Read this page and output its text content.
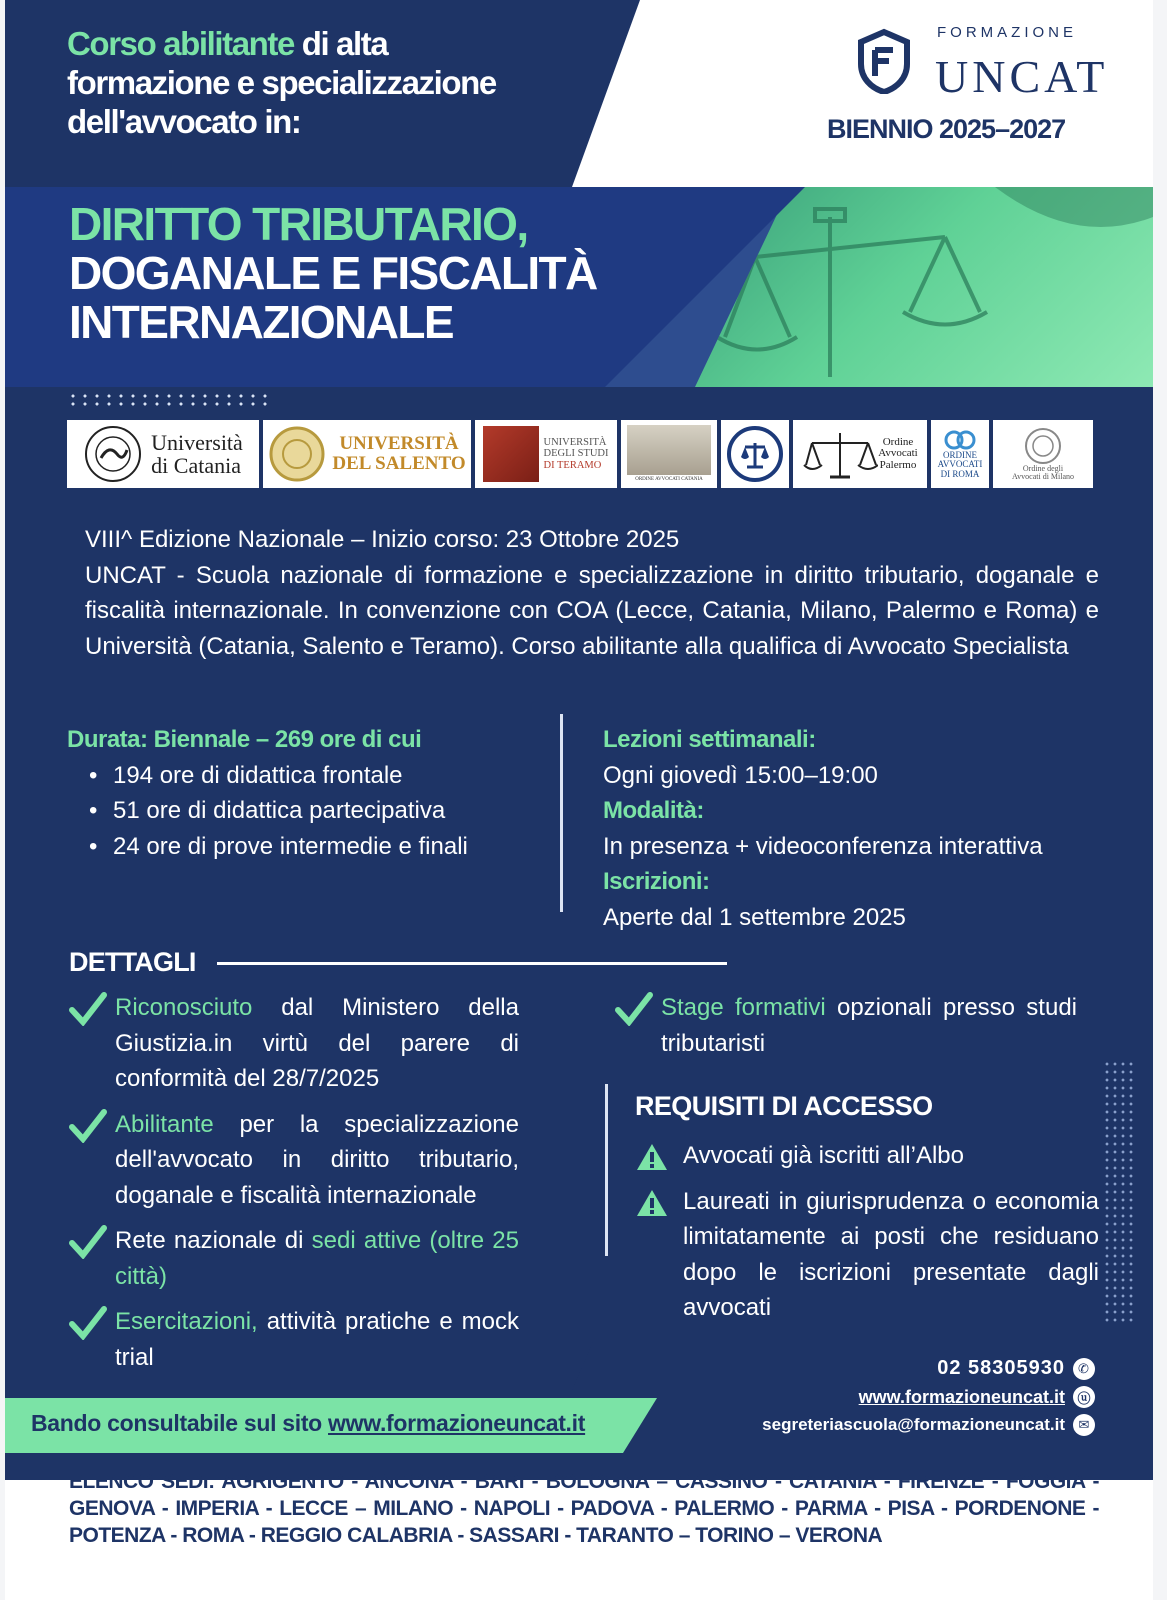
Corso abilitante di alta
formazione e specializzazione
dell'avvocato in:
FORMAZIONE
UNCAT
BIENNIO 2025–2027
DIRITTO TRIBUTARIO,
DOGANALE E FISCALITÀ
INTERNAZIONALE
Università
di Catania
UNIVERSITÀ
DEL SALENTO
UNIVERSITÀ
DEGLI STUDI
DI TERAMO
ORDINE AVVOCATI CATANIA
Ordine
Avvocati
Palermo
ORDINE
AVVOCATI
DI ROMA
Ordine degli
Avvocati di Milano
VIII^ Edizione Nazionale – Inizio corso: 23 Ottobre 2025
UNCAT - Scuola nazionale di formazione e specializzazione in diritto tributario, doganale e fiscalità internazionale. In convenzione con COA (Lecce, Catania, Milano, Palermo e Roma) e Università (Catania, Salento e Teramo). Corso abilitante alla qualifica di Avvocato Specialista
Durata: Biennale – 269 ore di cui
• 194 ore di didattica frontale
• 51 ore di didattica partecipativa
• 24 ore di prove intermedie e finali
Lezioni settimanali:
Ogni giovedì 15:00–19:00
Modalità:
In presenza + videoconferenza interattiva
Iscrizioni:
Aperte dal 1 settembre 2025
DETTAGLI
Riconosciuto dal Ministero della Giustizia.in virtù del parere di conformità del 28/7/2025
Abilitante per la specializzazione dell'avvocato in diritto tributario, doganale e fiscalità internazionale
Rete nazionale di sedi attive (oltre 25 città)
Esercitazioni, attività pratiche e mock trial
Stage formativi opzionali presso studi tributaristi
REQUISITI DI ACCESSO
Avvocati già iscritti all’Albo
Laureati in giurisprudenza o economia limitatamente ai posti che residuano dopo le iscrizioni presentate dagli avvocati
02 58305930	✆
www.formazioneuncat.it ⓤ
segreteriascuola@formazioneuncat.it	✉
Bando consultabile sul sito www.formazioneuncat.it
ELENCO SEDI: AGRIGENTO - ANCONA - BARI - BOLOGNA – CASSINO - CATANIA - FIRENZE - FOGGIA - GENOVA - IMPERIA - LECCE – MILANO - NAPOLI - PADOVA - PALERMO - PARMA - PISA - PORDENONE - POTENZA - ROMA - REGGIO CALABRIA - SASSARI - TARANTO – TORINO – VERONA
